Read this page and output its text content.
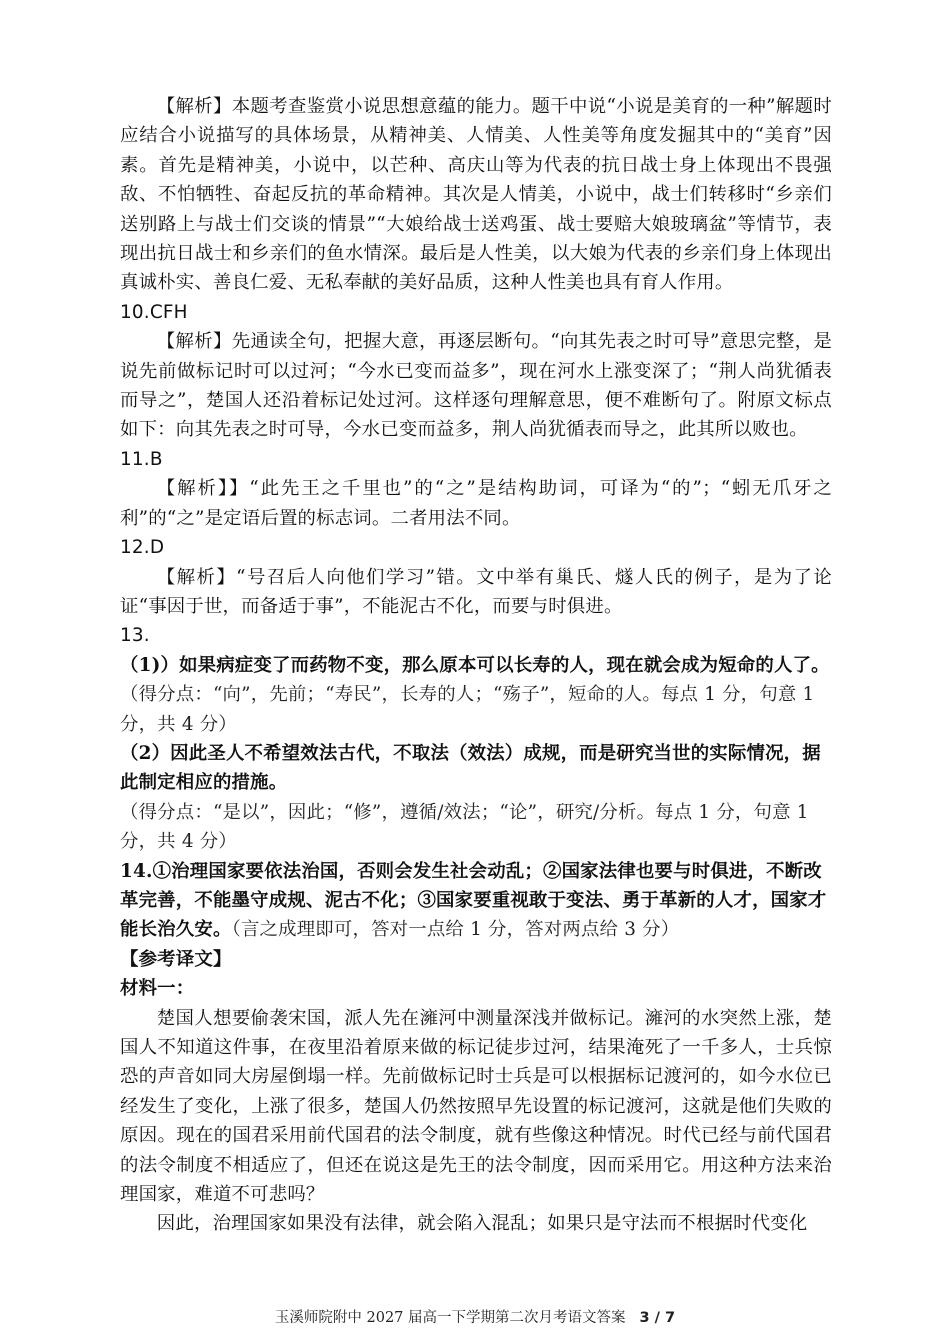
【解析】本题考查鉴赏小说思想意蕴的能力。题干中说“小说是美育的一种”解题时应结合小说描写的具体场景，从精神美、人情美、人性美等角度发掘其中的“美育”因素。首先是精神美，小说中，以芒种、高庆山等为代表的抗日战士身上体现出不畏强敌、不怕牺牲、奋起反抗的革命精神。其次是人情美，小说中，战士们转移时“乡亲们送别路上与战士们交谈的情景”“大娘给战士送鸡蛋、战士要赔大娘玻璃盆”等情节，表现出抗日战士和乡亲们的鱼水情深。最后是人性美，以大娘为代表的乡亲们身上体现出真诚朴实、善良仁爱、无私奉献的美好品质，这种人性美也具有育人作用。

10.CFH

【解析】先通读全句，把握大意，再逐层断句。“向其先表之时可导”意思完整，是说先前做标记时可以过河；“今水已变而益多”，现在河水上涨变深了；“荆人尚犹循表而导之”，楚国人还沿着标记处过河。这样逐句理解意思，便不难断句了。附原文标点如下：向其先表之时可导，今水已变而益多，荆人尚犹循表而导之，此其所以败也。

11.B

【解析】】“此先王之千里也”的“之”是结构助词，可译为“的”；“蚓无爪牙之利”的“之”是定语后置的标志词。二者用法不同。

12.D

【解析】“号召后人向他们学习”错。文中举有巢氏、燧人氏的例子，是为了论证“事因于世，而备适于事”，不能泥古不化，而要与时俱进。

13.

（1)）如果病症变了而药物不变，那么原本可以长寿的人，现在就会成为短命的人了。

（得分点：“向”，先前；“寿民”，长寿的人；“殇子”，短命的人。每点 1 分，句意 1 分，共 4 分）

（2）因此圣人不希望效法古代，不取法（效法）成规，而是研究当世的实际情况，据此制定相应的措施。

（得分点：“是以”，因此；“修”，遵循/效法；“论”，研究/分析。每点 1 分，句意 1 分，共 4 分）

14.①治理国家要依法治国，否则会发生社会动乱；②国家法律也要与时俱进，不断改革完善，不能墨守成规、泥古不化；③国家要重视敢于变法、勇于革新的人才，国家才能长治久安。（言之成理即可，答对一点给 1 分，答对两点给 3 分）

【参考译文】

材料一：

楚国人想要偷袭宋国，派人先在澭河中测量深浅并做标记。澭河的水突然上涨，楚国人不知道这件事，在夜里沿着原来做的标记徒步过河，结果淹死了一千多人，士兵惊恐的声音如同大房屋倒塌一样。先前做标记时士兵是可以根据标记渡河的，如今水位已经发生了变化，上涨了很多，楚国人仍然按照早先设置的标记渡河，这就是他们失败的原因。现在的国君采用前代国君的法令制度，就有些像这种情况。时代已经与前代国君的法令制度不相适应了，但还在说这是先王的法令制度，因而采用它。用这种方法来治理国家，难道不可悲吗？

因此，治理国家如果没有法律，就会陷入混乱；如果只是守法而不根据时代变化

玉溪师院附中 2027 届高一下学期第二次月考语文答案 3 / 7
